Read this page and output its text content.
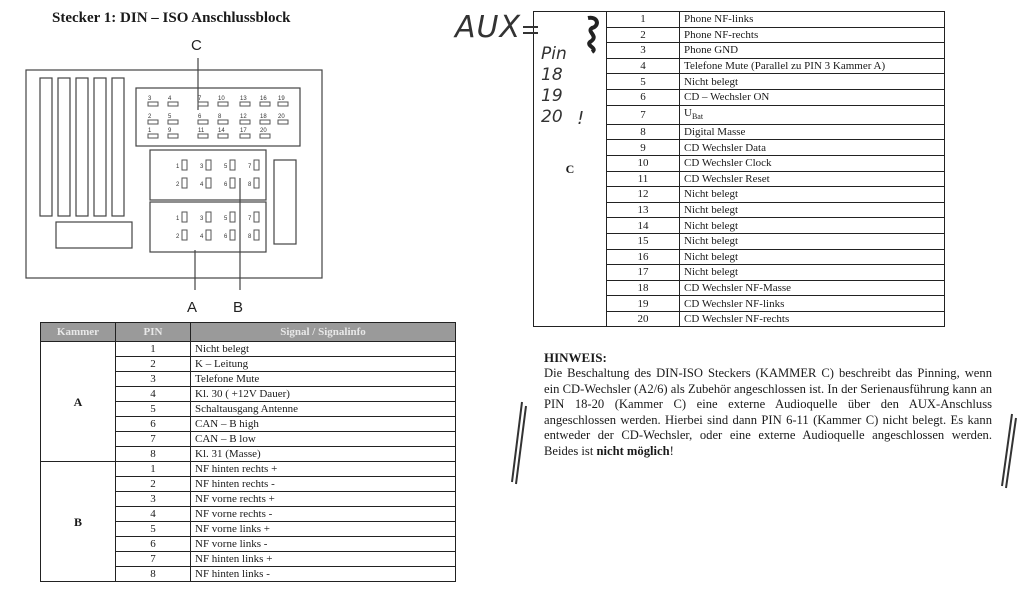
Stecker 1: DIN – ISO Anschlussblock
3	4	7	10	13 16 19
2	5	6	8	12 18 20
1	9	11 14	17 20
1	3	5	7
2	4	6	8
1	3	5	7
2	4	6	8
C
A B
Kammer	PIN	Signal / Signalinfo
A	1	Nicht belegt
	2	K – Leitung
	3	Telefone Mute
	4	Kl. 30 ( +12V Dauer)
	5	Schaltausgang Antenne
	6	CAN – B high
	7	CAN – B low
	8	Kl. 31 (Masse)
B	1	NF hinten rechts +
	2	NF hinten rechts -
	3	NF vorne rechts +
	4	NF vorne rechts -
	5	NF vorne links +
	6	NF vorne links -
	7	NF hinten links +
	8	NF hinten links -
C	1	Phone NF-links
	2	Phone NF-rechts
	3	Phone GND
	4	Telefone Mute (Parallel zu PIN 3 Kammer A)
	5	Nicht belegt
	6	CD – Wechsler ON
	7	$U_{Bat}$
	8	Digital Masse
	9	CD Wechsler Data
	10	CD Wechsler Clock
	11	CD Wechsler Reset
	12	Nicht belegt
	13	Nicht belegt
	14	Nicht belegt
	15	Nicht belegt
	16	Nicht belegt
	17	Nicht belegt
	18	CD Wechsler NF-Masse
	19	CD Wechsler NF-links
	20	CD Wechsler NF-rechts
AUX
Pin
18
19
20 !
HINWEIS:
Die Beschaltung des DIN-ISO Steckers (KAMMER C) beschreibt das Pinning, wenn ein CD-Wechsler (A2/6) als Zubehör angeschlossen ist. In der Serienausführung kann an PIN 18-20 (Kammer C) eine externe Audioquelle über den AUX-Anschluss angeschlossen werden. Hierbei sind dann PIN 6-11 (Kammer C) nicht belegt. Es kann entweder der CD-Wechsler, oder eine externe Audioquelle angeschlossen werden. Beides ist nicht möglich!
